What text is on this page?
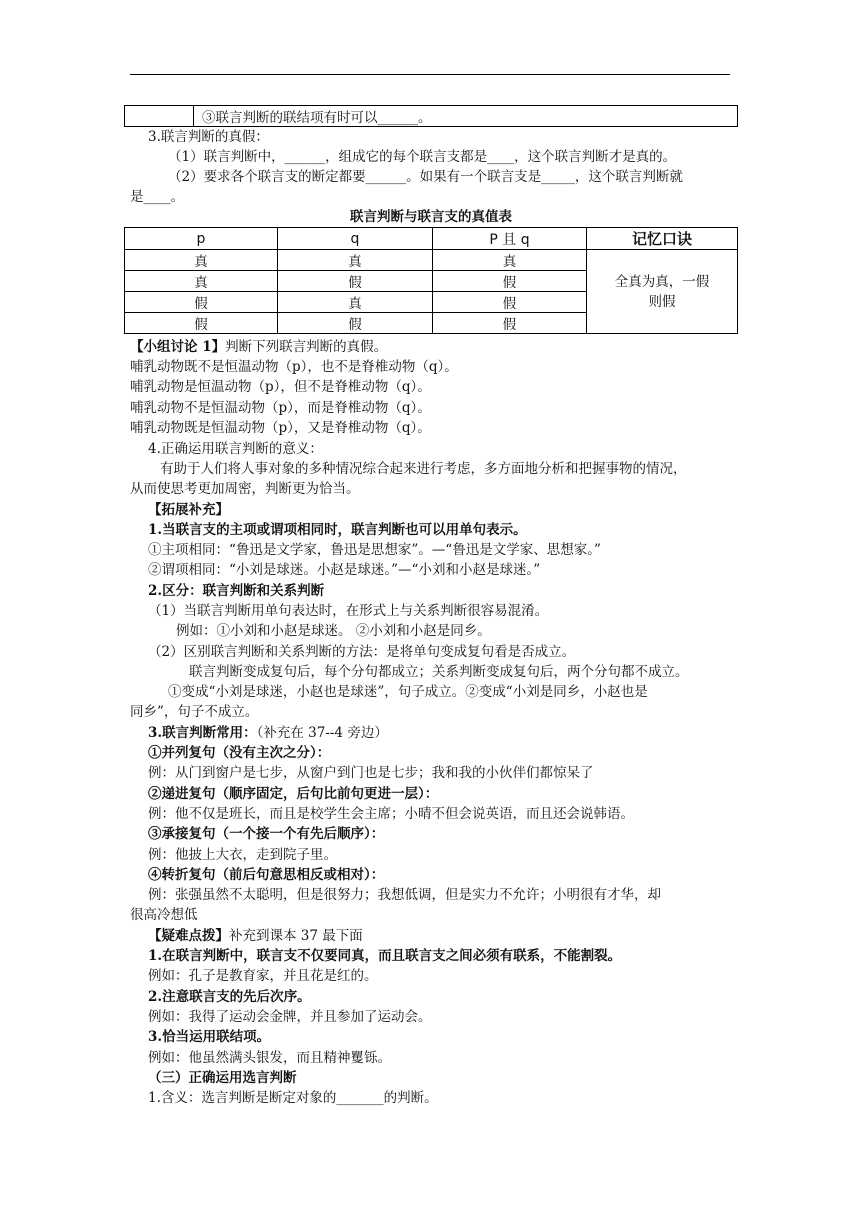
	③联言判断的联结项有时可以______。
3.联言判断的真假：
（1）联言判断中，______，组成它的每个联言支都是____，这个联言判断才是真的。
（2）要求各个联言支的断定都要______。如果有一个联言支是_____，这个联言判断就
是____。
联言判断与联言支的真值表
p	q	P 且 q	记忆口诀
真	真	真	全真为真，一假
则假

真	假	假	
假	真	假	
假	假	假	
【小组讨论 1】判断下列联言判断的真假。
哺乳动物既不是恒温动物（p），也不是脊椎动物（q）。
哺乳动物是恒温动物（p），但不是脊椎动物（q）。
哺乳动物不是恒温动物（p），而是脊椎动物（q）。
哺乳动物既是恒温动物（p），又是脊椎动物（q）。
4.正确运用联言判断的意义：
有助于人们将人事对象的多种情况综合起来进行考虑，多方面地分析和把握事物的情况，
从而使思考更加周密，判断更为恰当。
【拓展补充】
1.当联言支的主项或谓项相同时，联言判断也可以用单句表示。
①主项相同：“鲁迅是文学家，鲁迅是思想家”。—“鲁迅是文学家、思想家。”
②谓项相同：“小刘是球迷。小赵是球迷。”—“小刘和小赵是球迷。”
2.区分：联言判断和关系判断
（1）当联言判断用单句表达时，在形式上与关系判断很容易混淆。
例如：①小刘和小赵是球迷。 ②小刘和小赵是同乡。
（2）区别联言判断和关系判断的方法：是将单句变成复句看是否成立。
联言判断变成复句后，每个分句都成立；关系判断变成复句后，两个分句都不成立。
①变成“小刘是球迷，小赵也是球迷”，句子成立。②变成“小刘是同乡，小赵也是
同乡”，句子不成立。
3.联言判断常用：（补充在 37--4 旁边）
①并列复句（没有主次之分）：
例：从门到窗户是七步，从窗户到门也是七步；我和我的小伙伴们都惊呆了
②递进复句（顺序固定，后句比前句更进一层）：
例：他不仅是班长，而且是校学生会主席；小晴不但会说英语，而且还会说韩语。
③承接复句（一个接一个有先后顺序）：
例：他披上大衣，走到院子里。
④转折复句（前后句意思相反或相对）：
例：张强虽然不太聪明，但是很努力；我想低调，但是实力不允许；小明很有才华，却
很高冷想低
【疑难点拨】补充到课本 37 最下面
1.在联言判断中，联言支不仅要同真，而且联言支之间必须有联系，不能割裂。
例如：孔子是教育家，并且花是红的。
2.注意联言支的先后次序。
例如：我得了运动会金牌，并且参加了运动会。
3.恰当运用联结项。
例如：他虽然满头银发，而且精神矍铄。
（三）正确运用选言判断
1.含义：选言判断是断定对象的_______的判断。
